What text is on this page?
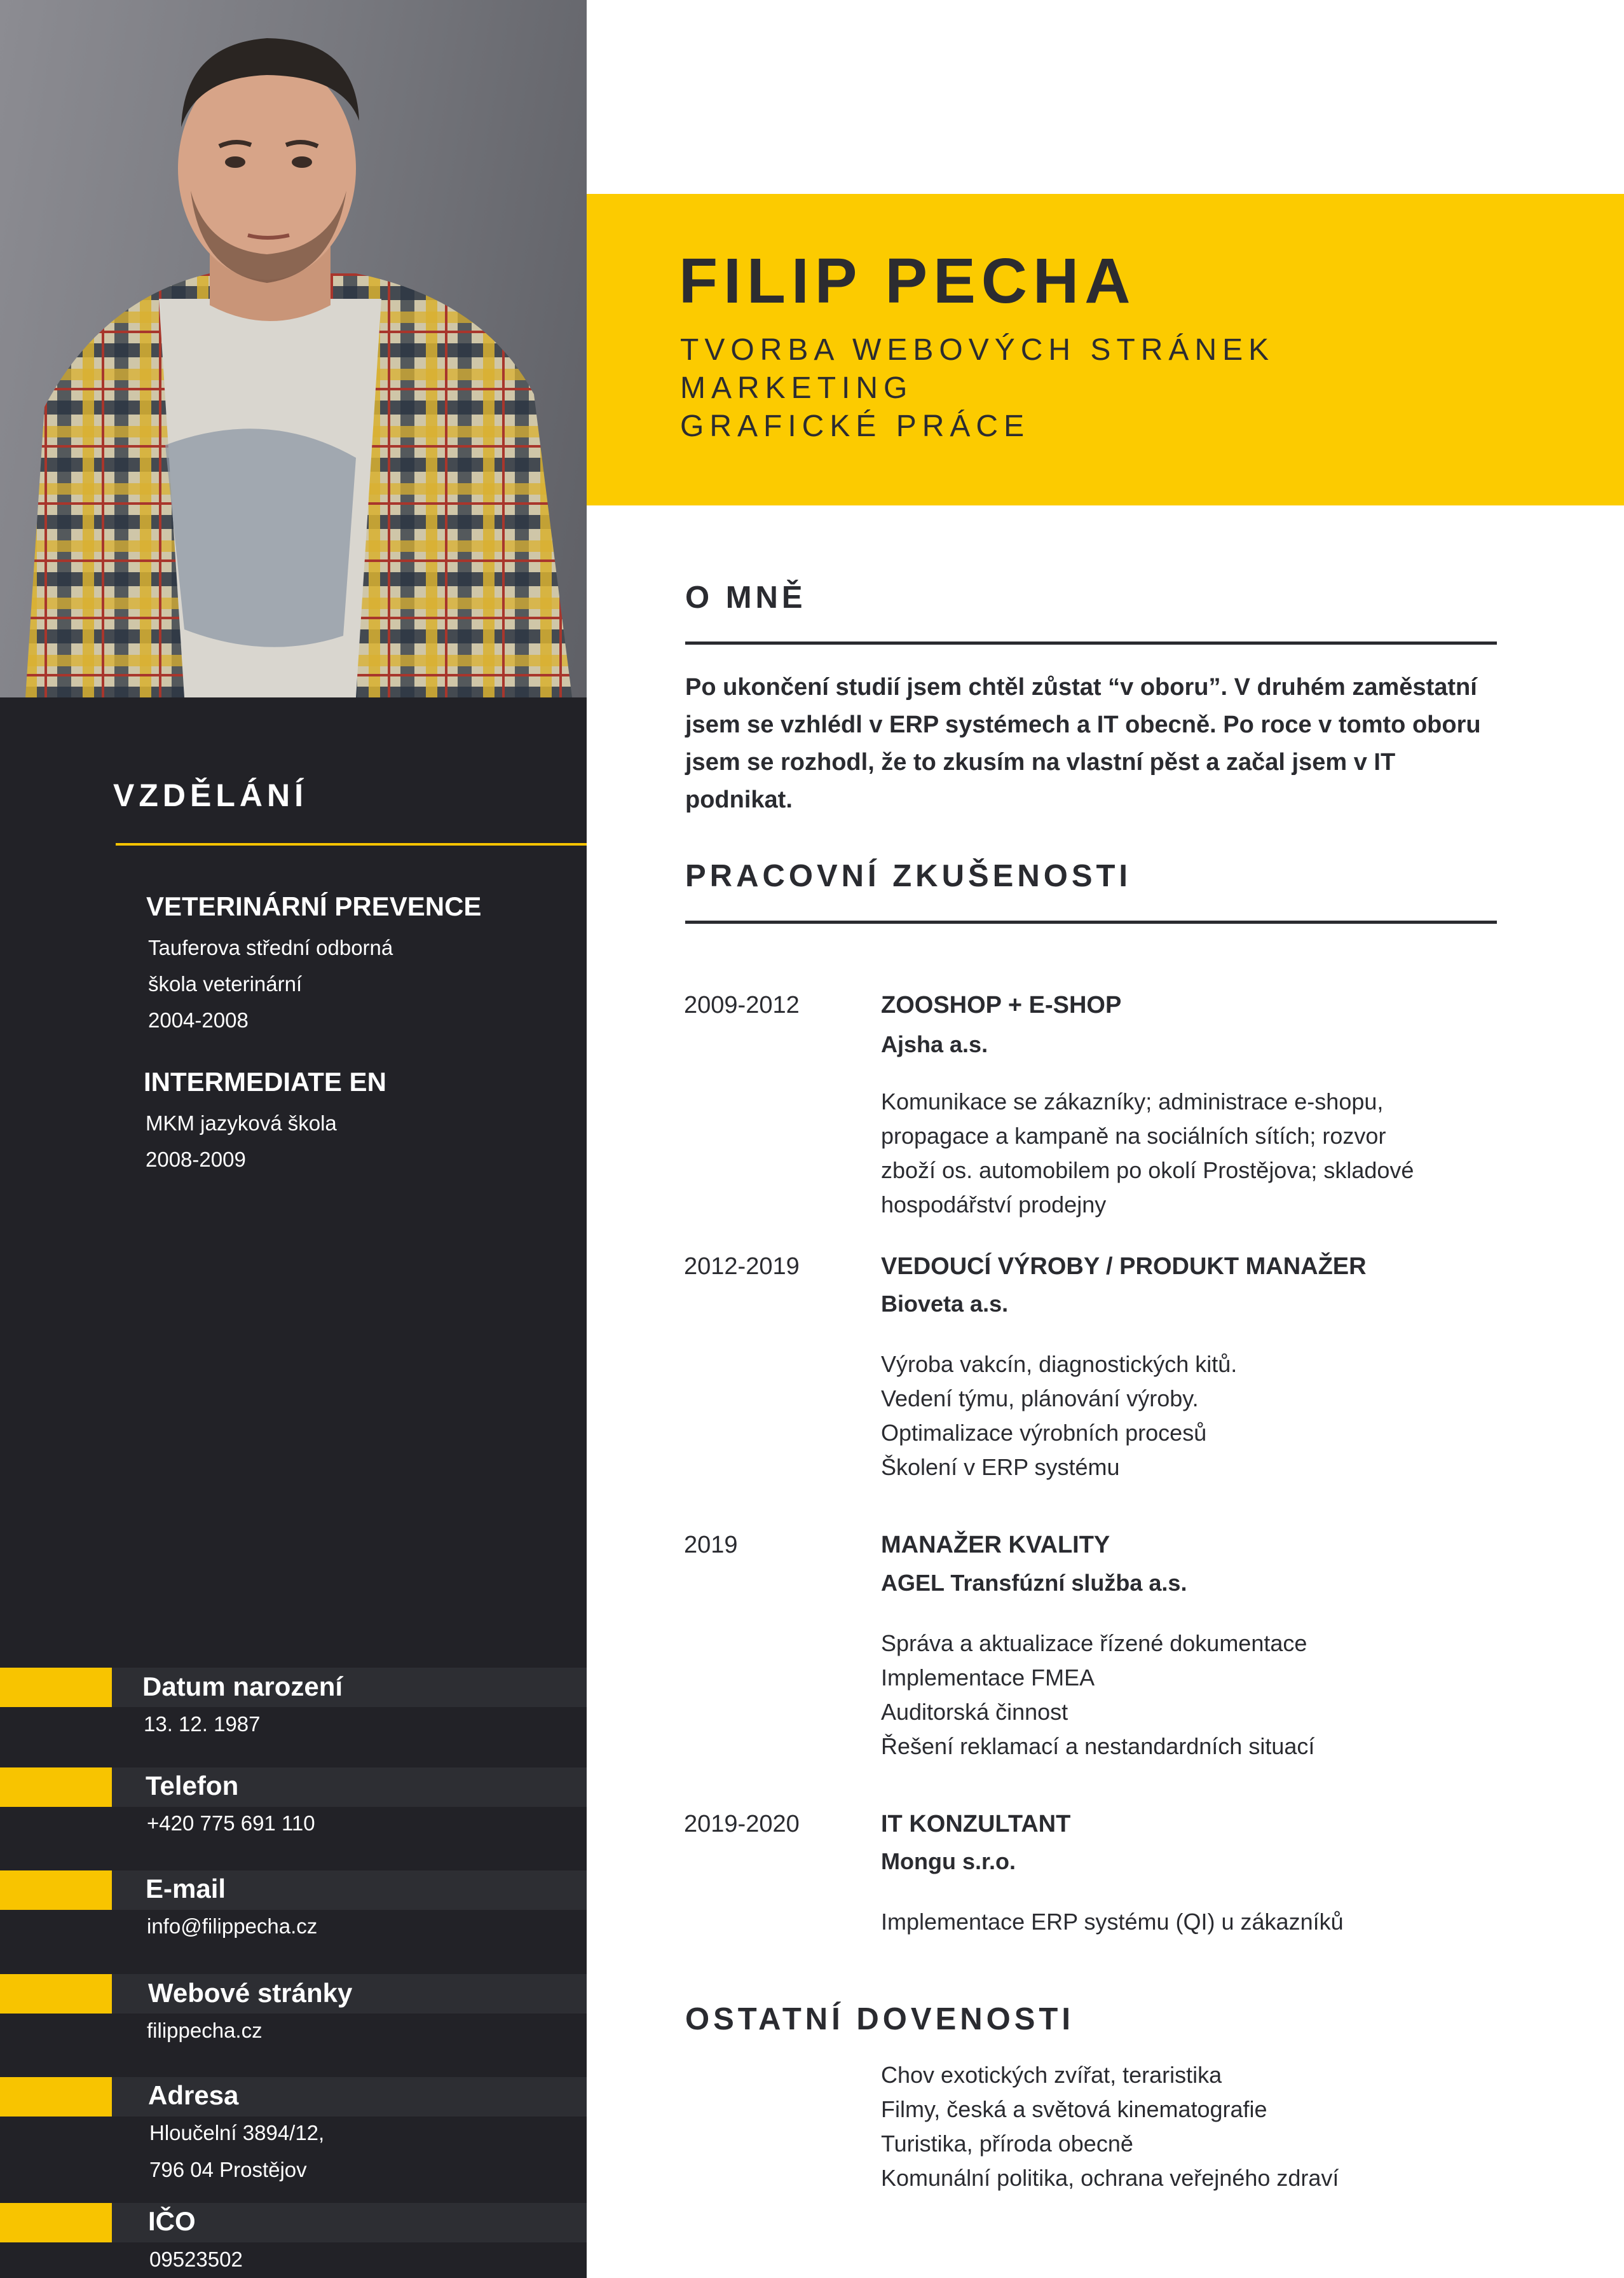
VZDĚLÁNÍ
VETERINÁRNÍ PREVENCE
Tauferova střední odborná
škola veterinární
2004-2008
INTERMEDIATE EN
MKM jazyková škola
2008-2009
Datum narození
13. 12. 1987
Telefon
+420 775 691 110
E-mail
info@filippecha.cz
Webové stránky
filippecha.cz
Adresa
Hloučelní 3894/12,
796 04 Prostějov
IČO
09523502
FILIP PECHA
TVORBA WEBOVÝCH STRÁNEK
MARKETING
GRAFICKÉ PRÁCE
O MNĚ
Po ukončení studií jsem chtěl zůstat “v oboru”. V druhém zaměstatní jsem se vzhlédl v ERP systémech a IT obecně. Po roce v tomto oboru jsem se rozhodl, že to zkusím na vlastní pěst a začal jsem v IT podnikat.
PRACOVNÍ ZKUŠENOSTI
2009-2012	ZOOSHOP + E-SHOP
Ajsha a.s.
Komunikace se zákazníky; administrace e-shopu,
propagace a kampaně na sociálních sítích; rozvor
zboží os. automobilem po okolí Prostějova; skladové
hospodářství prodejny
2012-2019	VEDOUCÍ VÝROBY / PRODUKT MANAŽER
Bioveta a.s.
Výroba vakcín, diagnostických kitů.
Vedení týmu, plánování výroby.
Optimalizace výrobních procesů
Školení v ERP systému
2019	MANAŽER KVALITY
AGEL Transfúzní služba a.s.
Správa a aktualizace řízené dokumentace
Implementace FMEA
Auditorská činnost
Řešení reklamací a nestandardních situací
2019-2020	IT KONZULTANT
Mongu s.r.o.
Implementace ERP systému (QI) u zákazníků
OSTATNÍ DOVENOSTI
Chov exotických zvířat, teraristika
Filmy, česká a světová kinematografie
Turistika, příroda obecně
Komunální politika, ochrana veřejného zdraví
